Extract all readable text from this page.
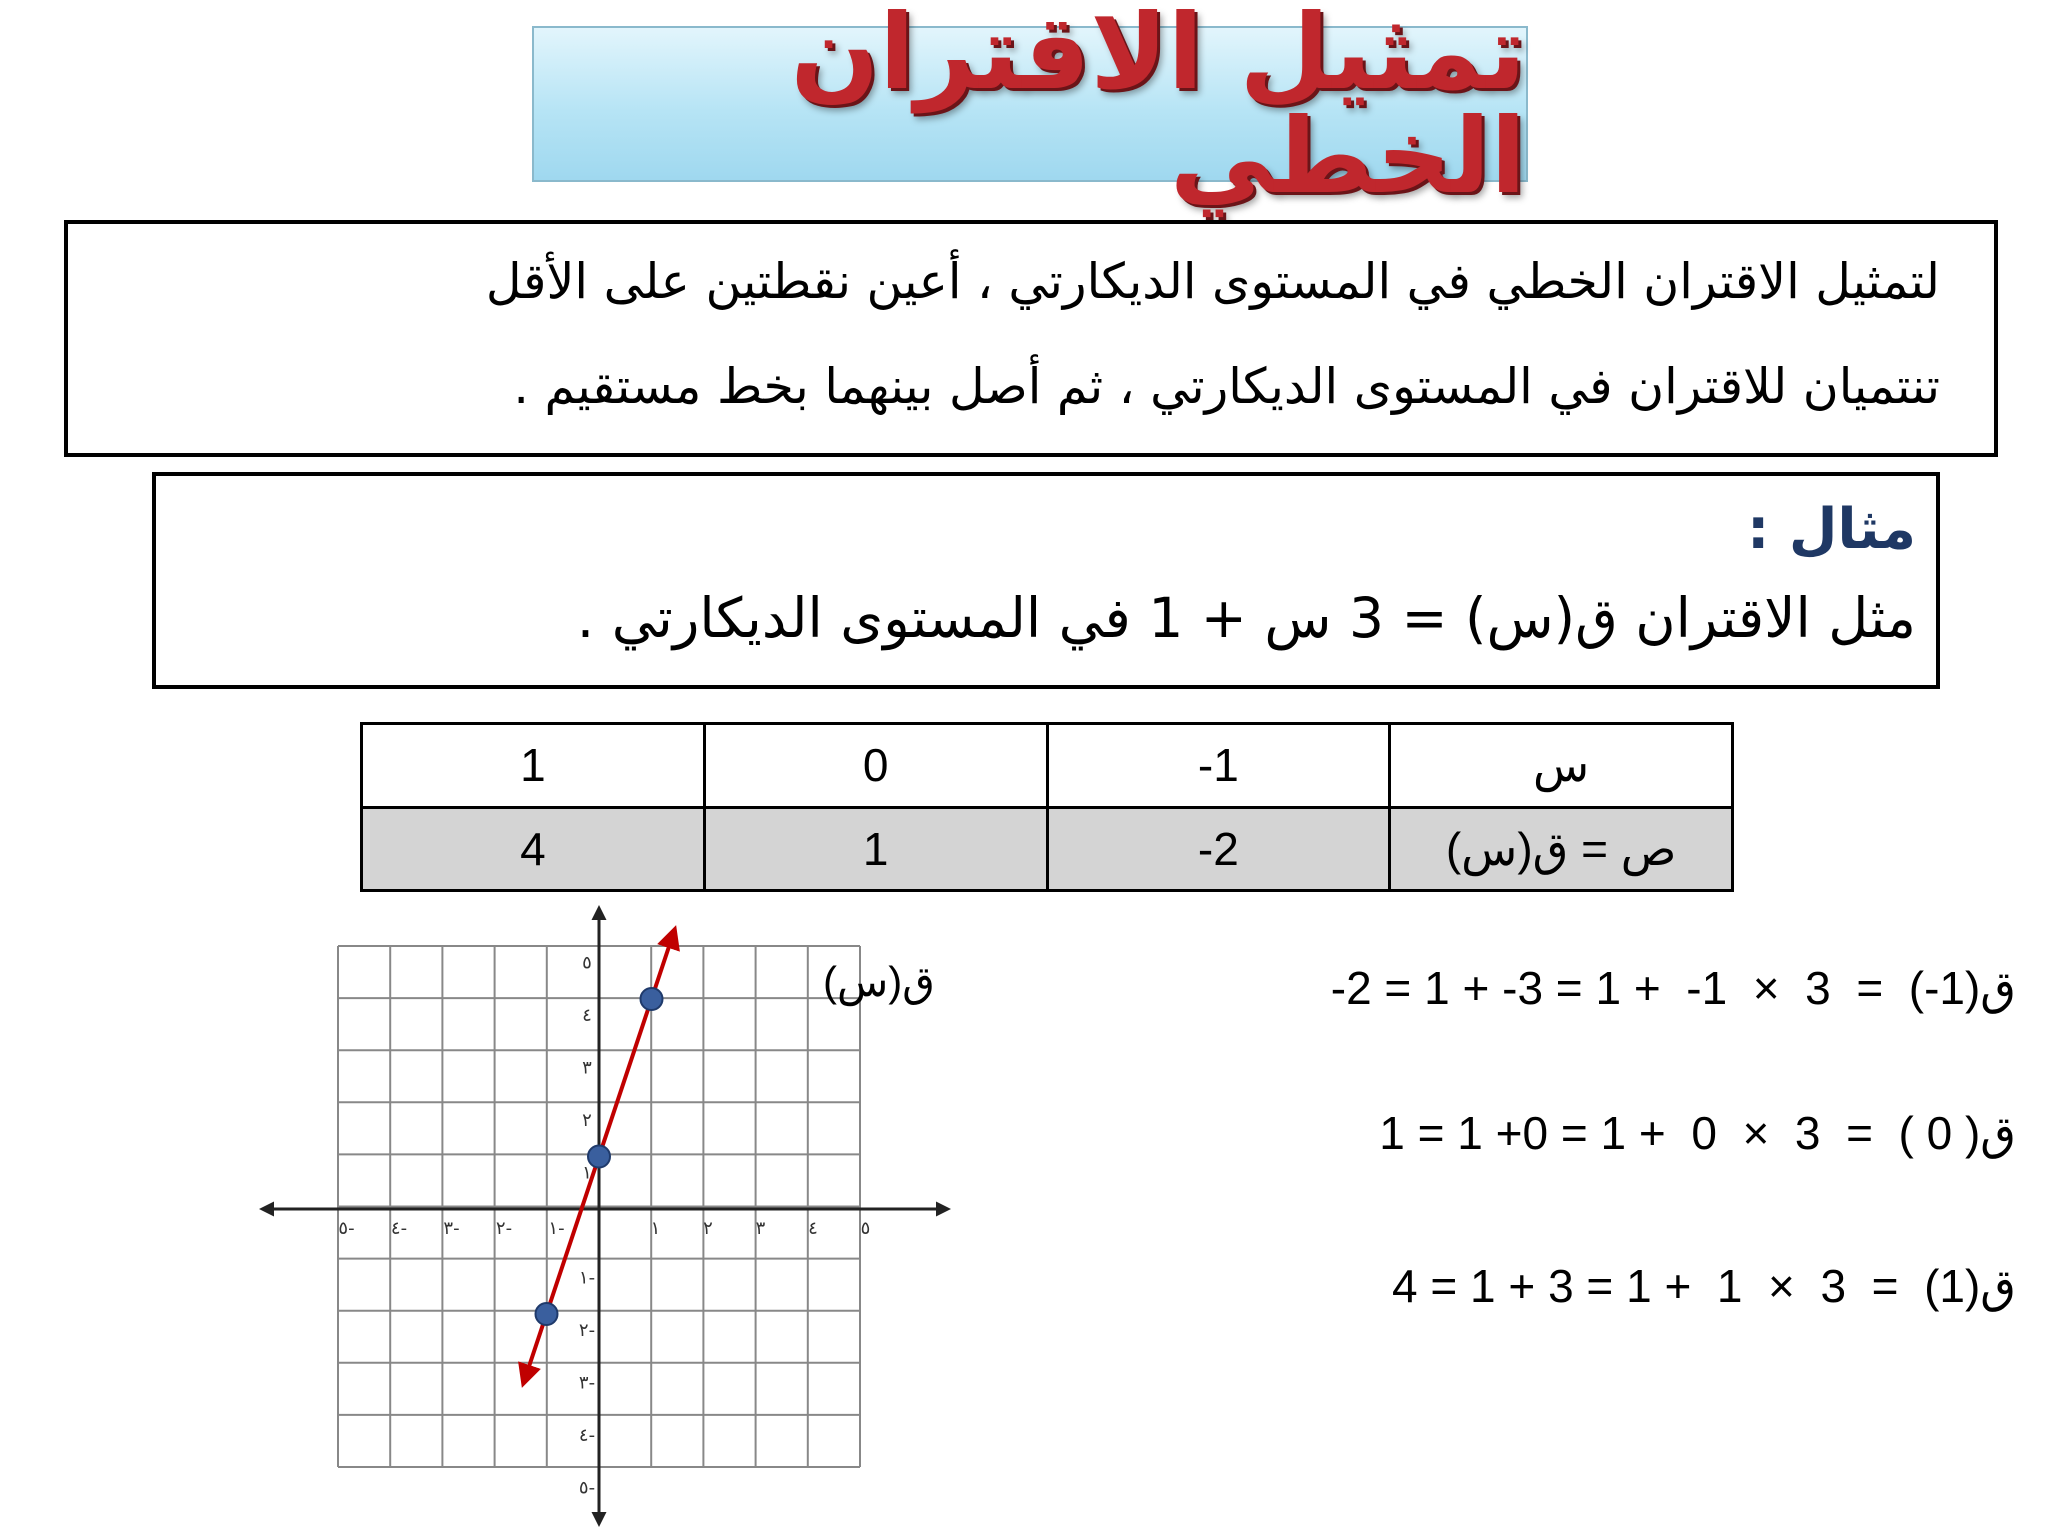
تمثيل الاقتران الخطي

لتمثيل الاقتران الخطي في المستوى الديكارتي ، أعين نقطتين على الأقل

تنتميان للاقتران في المستوى الديكارتي ، ثم أصل بينهما بخط مستقيم .

مثال :
مثل الاقتران ق(س) = 3 س + 1 في المستوى الديكارتي .
1	0	1-	س
4	1	2-	ص = ق(س)
ق(1-)  =  3  ×  1-  + 1 = 3- + 1 = 2-
ق( 0 )  =  3  ×  0  + 1 = 0+ 1 = 1
ق(1)  =  3  ×  1  + 1 = 3 + 1 = 4
٥- ٤- ٣- ٢- ١-	١ ٢ ٣ ٤ ٥
٥
٤
٣
٢
١
١-
٢-
٣-
٤-
٥-
ق(س)
